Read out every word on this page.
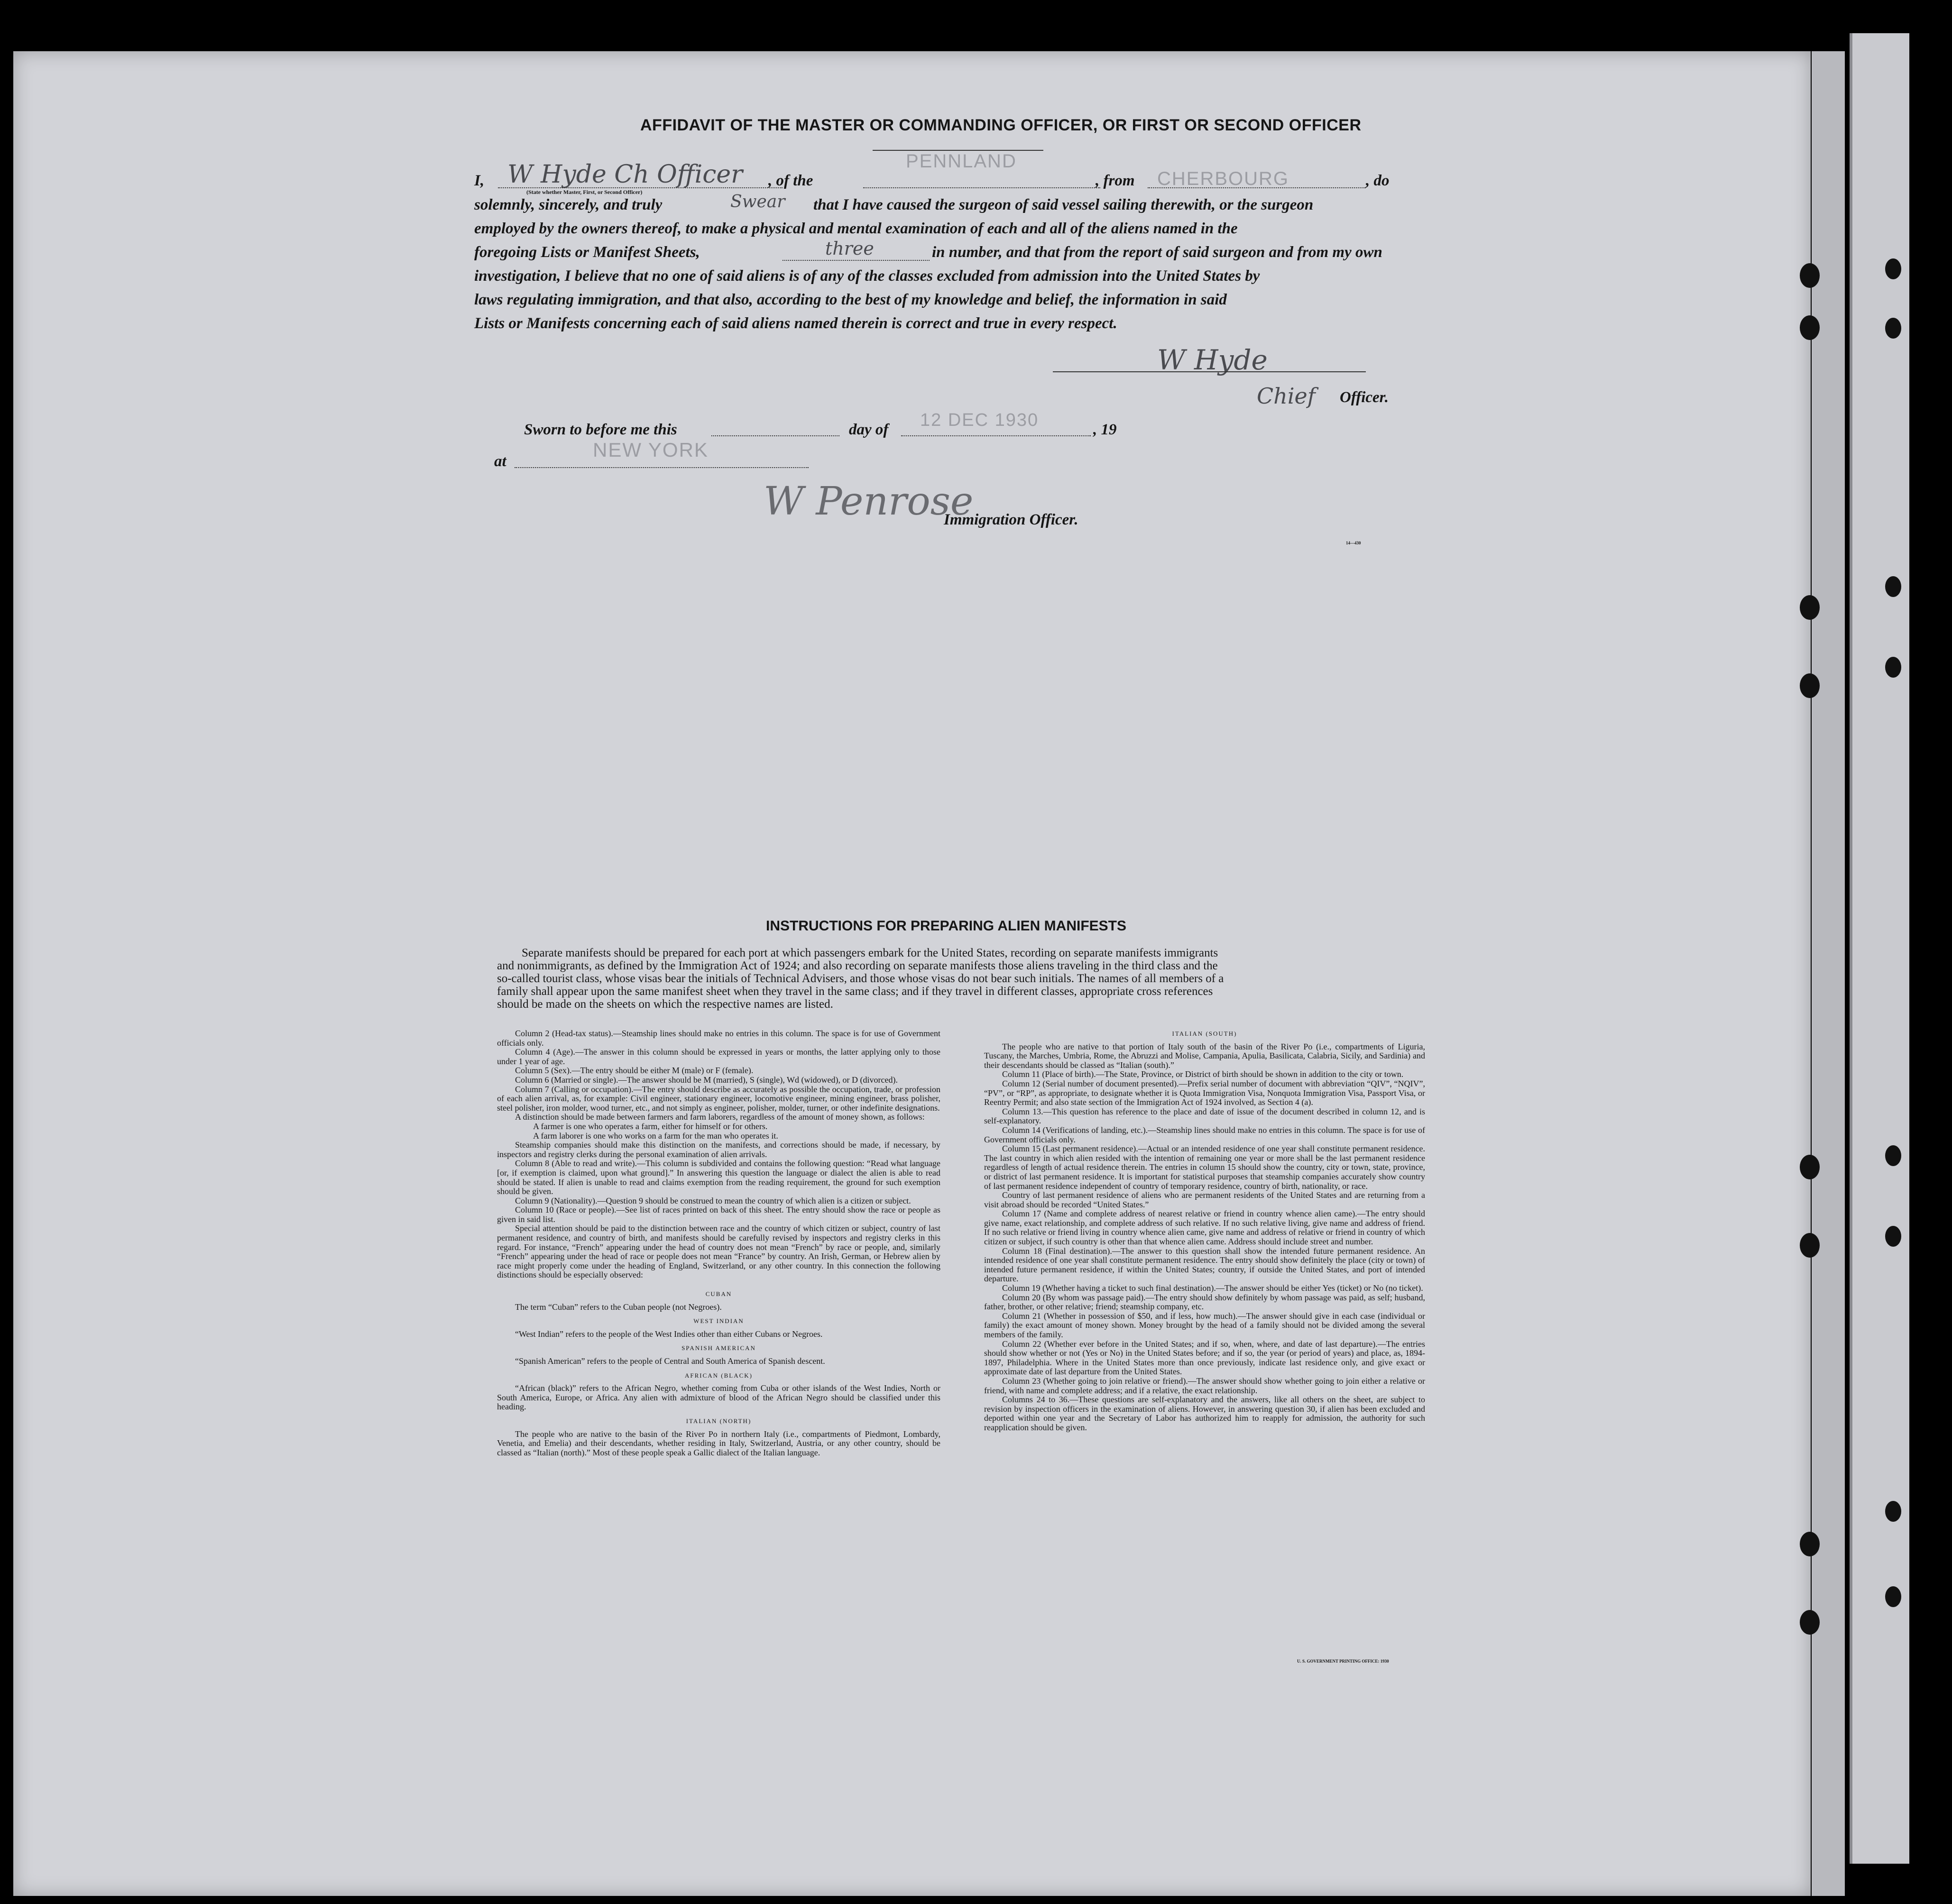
AFFIDAVIT OF THE MASTER OR COMMANDING OFFICER, OR FIRST OR SECOND OFFICER
I, W Hyde Ch Officer
(State whether Master, First, or Second Officer)
, of the
PENNLAND
, from CHERBOURG	, do
solemnly, sincerely, and truly	Swear that I have caused the surgeon of said vessel sailing therewith, or the surgeon
employed by the owners thereof, to make a physical and mental examination of each and all of the aliens named in the
foregoing Lists or Manifest Sheets,	three	in number, and that from the report of said surgeon and from my own
investigation, I believe that no one of said aliens is of any of the classes excluded from admission into the United States by
laws regulating immigration, and that also, according to the best of my knowledge and belief, the information in said
Lists or Manifests concerning each of said aliens named therein is correct and true in every respect.
W Hyde
Chief Officer.
Sworn to before me this	day of 12 DEC 1930	, 19
at
NEW YORK
W Penrose
Immigration Officer.
14—430
INSTRUCTIONS FOR PREPARING ALIEN MANIFESTS
Separate manifests should be prepared for each port at which passengers embark for the United States, recording on separate manifests immigrants
and nonimmigrants, as defined by the Immigration Act of 1924; and also recording on separate manifests those aliens traveling in the third class and the
so-called tourist class, whose visas bear the initials of Technical Advisers, and those whose visas do not bear such initials. The names of all members of a
family shall appear upon the same manifest sheet when they travel in the same class; and if they travel in different classes, appropriate cross references
should be made on the sheets on which the respective names are listed.

Column 2 (Head-tax status).—Steamship lines should make no entries in this column. The space is for use of Government officials only.

Column 4 (Age).—The answer in this column should be expressed in years or months, the latter applying only to those under 1 year of age.

Column 5 (Sex).—The entry should be either M (male) or F (female).

Column 6 (Married or single).—The answer should be M (married), S (single), Wd (widowed), or D (divorced).

Column 7 (Calling or occupation).—The entry should describe as accurately as possible the occupation, trade, or profession of each alien arrival, as, for example: Civil engineer, stationary engineer, locomotive engineer, mining engineer, brass polisher, steel polisher, iron molder, wood turner, etc., and not simply as engineer, polisher, molder, turner, or other indefinite designations.

A distinction should be made between farmers and farm laborers, regardless of the amount of money shown, as follows:

A farmer is one who operates a farm, either for himself or for others.

A farm laborer is one who works on a farm for the man who operates it.

Steamship companies should make this distinction on the manifests, and corrections should be made, if necessary, by inspectors and registry clerks during the personal examination of alien arrivals.

Column 8 (Able to read and write).—This column is subdivided and contains the following question: “Read what language [or, if exemption is claimed, upon what ground].” In answering this question the language or dialect the alien is able to read should be stated. If alien is unable to read and claims exemption from the reading requirement, the ground for such exemption should be given.

Column 9 (Nationality).—Question 9 should be construed to mean the country of which alien is a citizen or subject.

Column 10 (Race or people).—See list of races printed on back of this sheet. The entry should show the race or people as given in said list.

Special attention should be paid to the distinction between race and the country of which citizen or subject, country of last permanent residence, and country of birth, and manifests should be carefully revised by inspectors and registry clerks in this regard. For instance, “French” appearing under the head of country does not mean “French” by race or people, and, similarly “French” appearing under the head of race or people does not mean “France” by country. An Irish, German, or Hebrew alien by race might properly come under the heading of England, Switzerland, or any other country. In this connection the following distinctions should be especially observed:

CUBAN

The term “Cuban” refers to the Cuban people (not Negroes).

WEST INDIAN

“West Indian” refers to the people of the West Indies other than either Cubans or Negroes.

SPANISH AMERICAN

“Spanish American” refers to the people of Central and South America of Spanish descent.

AFRICAN (BLACK)

“African (black)” refers to the African Negro, whether coming from Cuba or other islands of the West Indies, North or South America, Europe, or Africa. Any alien with admixture of blood of the African Negro should be classified under this heading.

ITALIAN (NORTH)

The people who are native to the basin of the River Po in northern Italy (i.e., compartments of Piedmont, Lombardy, Venetia, and Emelia) and their descendants, whether residing in Italy, Switzerland, Austria, or any other country, should be classed as “Italian (north).” Most of these people speak a Gallic dialect of the Italian language.

ITALIAN (SOUTH)

The people who are native to that portion of Italy south of the basin of the River Po (i.e., compartments of Liguria, Tuscany, the Marches, Umbria, Rome, the Abruzzi and Molise, Campania, Apulia, Basilicata, Calabria, Sicily, and Sardinia) and their descendants should be classed as “Italian (south).”

Column 11 (Place of birth).—The State, Province, or District of birth should be shown in addition to the city or town.

Column 12 (Serial number of document presented).—Prefix serial number of document with abbreviation “QIV”, “NQIV”, “PV”, or “RP”, as appropriate, to designate whether it is Quota Immigration Visa, Nonquota Immigration Visa, Passport Visa, or Reentry Permit; and also state section of the Immigration Act of 1924 involved, as Section 4 (a).

Column 13.—This question has reference to the place and date of issue of the document described in column 12, and is self-explanatory.

Column 14 (Verifications of landing, etc.).—Steamship lines should make no entries in this column. The space is for use of Government officials only.

Column 15 (Last permanent residence).—Actual or an intended residence of one year shall constitute permanent residence. The last country in which alien resided with the intention of remaining one year or more shall be the last permanent residence regardless of length of actual residence therein. The entries in column 15 should show the country, city or town, state, province, or district of last permanent residence. It is important for statistical purposes that steamship companies accurately show country of last permanent residence independent of country of temporary residence, country of birth, nationality, or race.

Country of last permanent residence of aliens who are permanent residents of the United States and are returning from a visit abroad should be recorded “United States.”

Column 17 (Name and complete address of nearest relative or friend in country whence alien came).—The entry should give name, exact relationship, and complete address of such relative. If no such relative living, give name and address of friend. If no such relative or friend living in country whence alien came, give name and address of relative or friend in country of which citizen or subject, if such country is other than that whence alien came. Address should include street and number.

Column 18 (Final destination).—The answer to this question shall show the intended future permanent residence. An intended residence of one year shall constitute permanent residence. The entry should show definitely the place (city or town) of intended future permanent residence, if within the United States; country, if outside the United States, and port of intended departure.

Column 19 (Whether having a ticket to such final destination).—The answer should be either Yes (ticket) or No (no ticket).

Column 20 (By whom was passage paid).—The entry should show definitely by whom passage was paid, as self; husband, father, brother, or other relative; friend; steamship company, etc.

Column 21 (Whether in possession of $50, and if less, how much).—The answer should give in each case (individual or family) the exact amount of money shown. Money brought by the head of a family should not be divided among the several members of the family.

Column 22 (Whether ever before in the United States; and if so, when, where, and date of last departure).—The entries should show whether or not (Yes or No) in the United States before; and if so, the year (or period of years) and place, as, 1894-1897, Philadelphia. Where in the United States more than once previously, indicate last residence only, and give exact or approximate date of last departure from the United States.

Column 23 (Whether going to join relative or friend).—The answer should show whether going to join either a relative or friend, with name and complete address; and if a relative, the exact relationship.

Columns 24 to 36.—These questions are self-explanatory and the answers, like all others on the sheet, are subject to revision by inspection officers in the examination of aliens. However, in answering question 30, if alien has been excluded and deported within one year and the Secretary of Labor has authorized him to reapply for admission, the authority for such reapplication should be given.

U. S. GOVERNMENT PRINTING OFFICE: 1930
